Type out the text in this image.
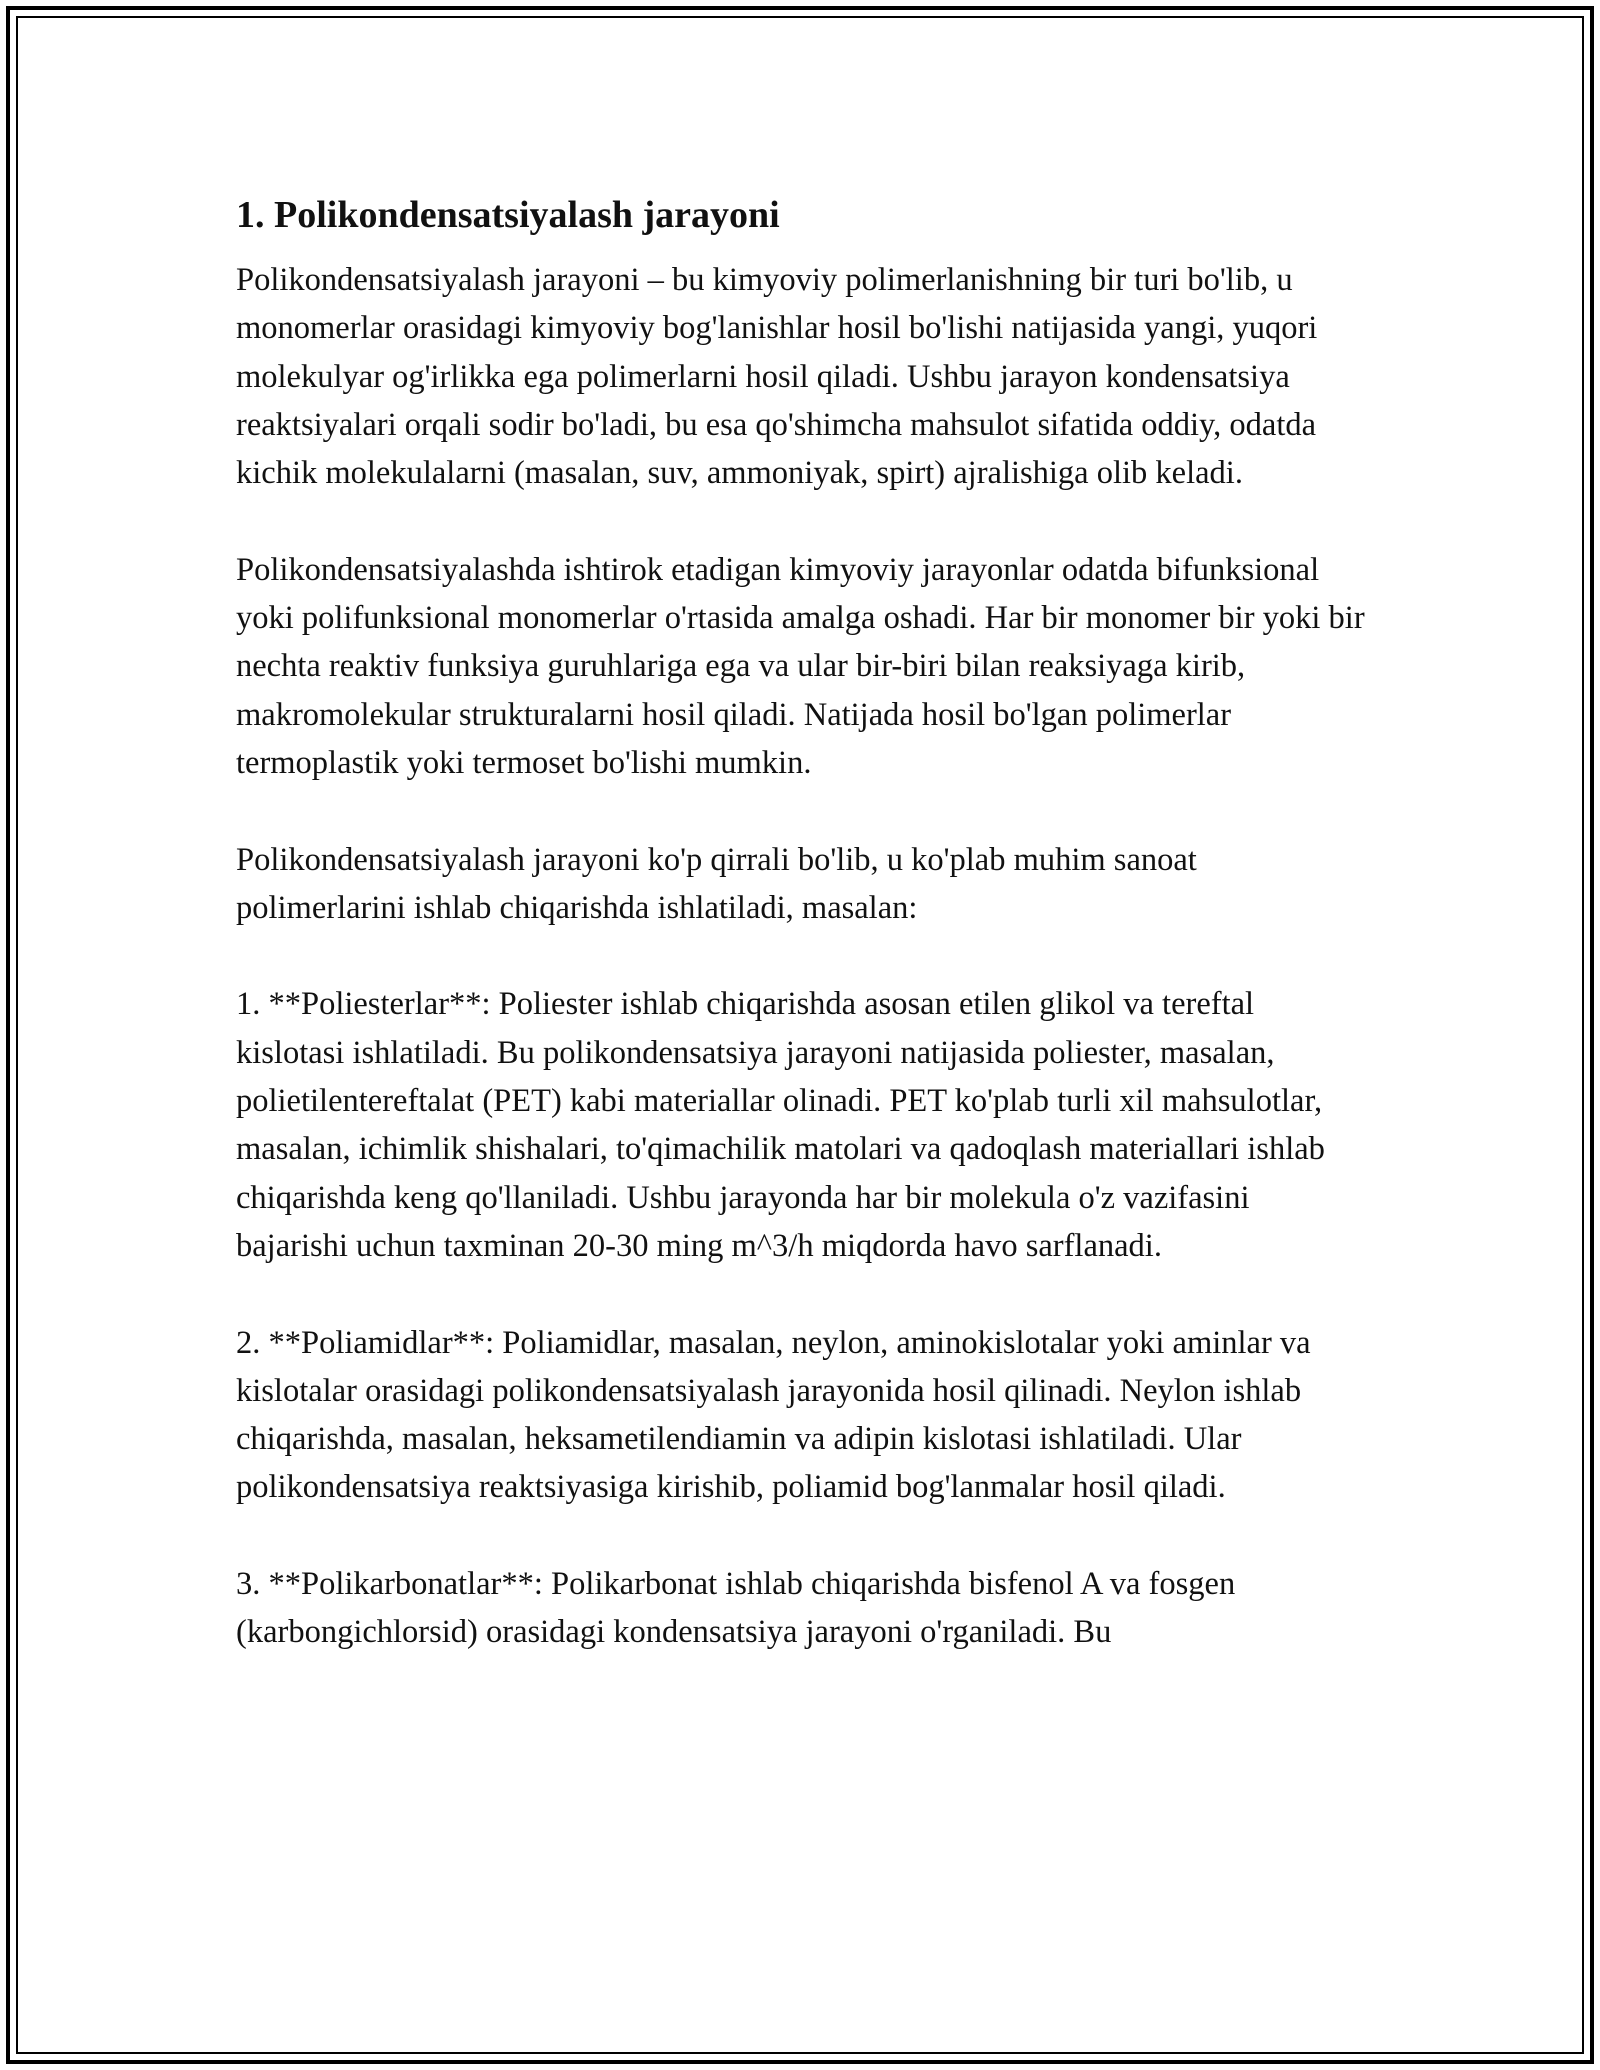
1. Polikondensatsiyalash jarayoni

Polikondensatsiyalash jarayoni – bu kimyoviy polimerlanishning bir turi bo'lib, u monomerlar orasidagi kimyoviy bog'lanishlar hosil bo'lishi natijasida yangi, yuqori molekulyar og'irlikka ega polimerlarni hosil qiladi. Ushbu jarayon kondensatsiya reaktsiyalari orqali sodir bo'ladi, bu esa qo'shimcha mahsulot sifatida oddiy, odatda kichik molekulalarni (masalan, suv, ammoniyak, spirt) ajralishiga olib keladi.

Polikondensatsiyalashda ishtirok etadigan kimyoviy jarayonlar odatda bifunksional yoki polifunksional monomerlar o'rtasida amalga oshadi. Har bir monomer bir yoki bir nechta reaktiv funksiya guruhlariga ega va ular bir-biri bilan reaksiyaga kirib, makromolekular strukturalarni hosil qiladi. Natijada hosil bo'lgan polimerlar termoplastik yoki termoset bo'lishi mumkin.

Polikondensatsiyalash jarayoni ko'p qirrali bo'lib, u ko'plab muhim sanoat polimerlarini ishlab chiqarishda ishlatiladi, masalan:

1. **Poliesterlar**: Poliester ishlab chiqarishda asosan etilen glikol va tereftal kislotasi ishlatiladi. Bu polikondensatsiya jarayoni natijasida poliester, masalan, polietilentereftalat (PET) kabi materiallar olinadi. PET ko'plab turli xil mahsulotlar, masalan, ichimlik shishalari, to'qimachilik matolari va qadoqlash materiallari ishlab chiqarishda keng qo'llaniladi. Ushbu jarayonda har bir molekula o'z vazifasini bajarishi uchun taxminan 20-30 ming m^3/h miqdorda havo sarflanadi.

2. **Poliamidlar**: Poliamidlar, masalan, neylon, aminokislotalar yoki aminlar va kislotalar orasidagi polikondensatsiyalash jarayonida hosil qilinadi. Neylon ishlab chiqarishda, masalan, heksametilendiamin va adipin kislotasi ishlatiladi. Ular polikondensatsiya reaktsiyasiga kirishib, poliamid bog'lanmalar hosil qiladi.

3. **Polikarbonatlar**: Polikarbonat ishlab chiqarishda bisfenol A va fosgen (karbongichlorsid) orasidagi kondensatsiya jarayoni o'rganiladi. Bu
